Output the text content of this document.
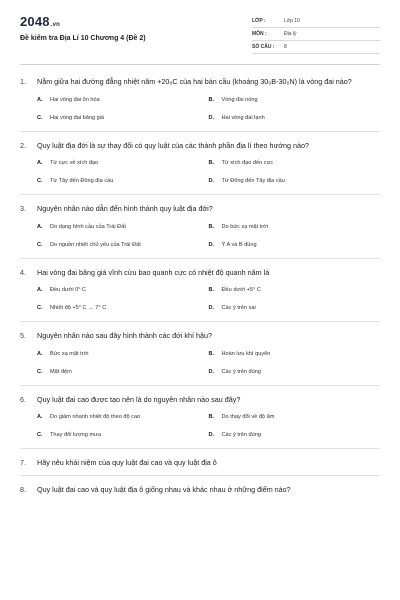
2048.vn
Đề kiểm tra Địa Lí 10 Chương 4 (Đề 2)
LỚP :	Lớp 10
MÔN :	Địa lý
SỐ CÂU :	8
1.	Nằm giữa hai đường đẳng nhiệt năm +20₀C của hai bán cầu (khoảng 30₀B-30₀N) là vòng đai nào?
A.	Hai vòng đai ôn hòa	B.	Vòng đai nóng
C.	Hai vòng đai băng giá	D.	Hai vòng đai lạnh
2.	Quy luật địa đới là sự thay đổi có quy luật của các thành phần địa lí theo hướng nào?
A.	Từ cực về xích đạo	B.	Từ xích đạo đến cực
C.	Từ Tây đến Đông địa cầu	D.	Từ Đông đến Tây địa cầu
3.	Nguyên nhân nào dẫn đến hình thành quy luật địa đới?
A.	Do dạng hình cầu của Trái Đất	B.	Do bức xạ mặt trời
C.	Do nguồn nhiệt chủ yếu của Trái Đất	D.	Ý A và B đúng
4.	Hai vòng đai băng giá vĩnh cửu bao quanh cực có nhiệt độ quanh năm là
A.	Đều dưới 0° C	B.	Đều dưới +5° C
C.	Nhiệt độ +5° C → 7° C	D.	Các ý trên sai
5.	Nguyên nhân nào sau đây hình thành các đới khí hậu?
A.	Bức xạ mặt trời	B.	Hoàn lưu khí quyển
C.	Mặt đệm	D.	Các ý trên đúng
6.	Quy luật đai cao được tạo nên là do nguyên nhân nào sau đây?
A.	Do giảm nhanh nhiệt độ theo độ cao	B.	Do thay đổi về độ ẩm
C.	Thay đổi lượng mưa	D.	Các ý trên đúng
7.	Hãy nêu khái niệm của quy luật đai cao và quy luật địa ô
8.	Quy luật đai cao và quy luật địa ô giống nhau và khác nhau ở những điểm nào?
